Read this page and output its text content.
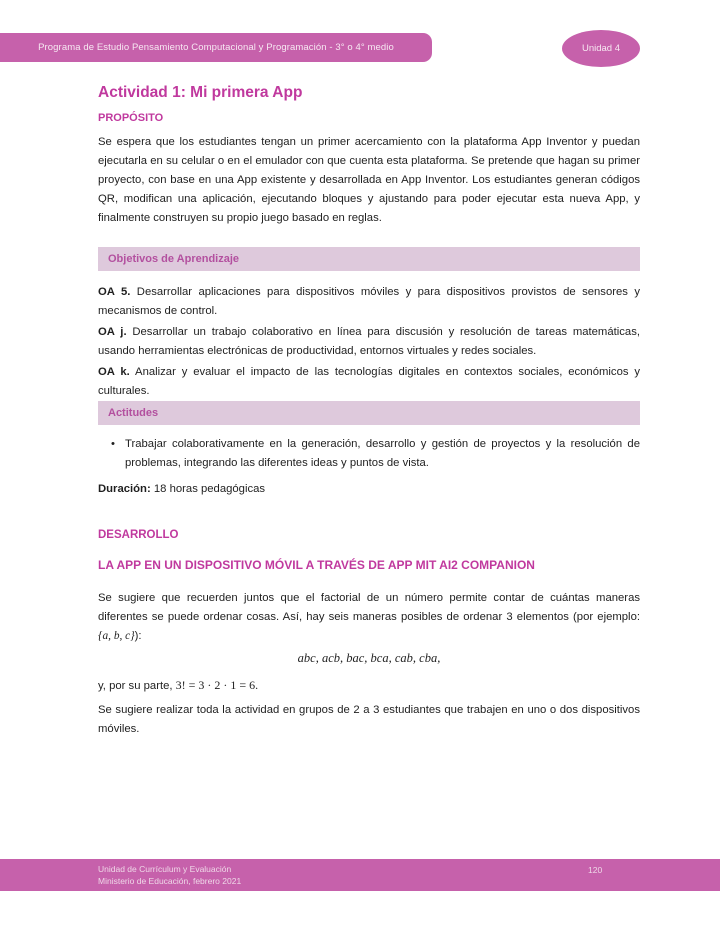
Programa de Estudio Pensamiento Computacional y Programación - 3° o 4° medio	Unidad 4
Actividad 1: Mi primera App
PROPÓSITO
Se espera que los estudiantes tengan un primer acercamiento con la plataforma App Inventor y puedan ejecutarla en su celular o en el emulador con que cuenta esta plataforma. Se pretende que hagan su primer proyecto, con base en una App existente y desarrollada en App Inventor. Los estudiantes generan códigos QR, modifican una aplicación, ejecutando bloques y ajustando para poder ejecutar esta nueva App, y finalmente construyen su propio juego basado en reglas.
Objetivos de Aprendizaje
OA 5. Desarrollar aplicaciones para dispositivos móviles y para dispositivos provistos de sensores y mecanismos de control.
OA j. Desarrollar un trabajo colaborativo en línea para discusión y resolución de tareas matemáticas, usando herramientas electrónicas de productividad, entornos virtuales y redes sociales.
OA k. Analizar y evaluar el impacto de las tecnologías digitales en contextos sociales, económicos y culturales.
Actitudes
• Trabajar colaborativamente en la generación, desarrollo y gestión de proyectos y la resolución de problemas, integrando las diferentes ideas y puntos de vista.
Duración: 18 horas pedagógicas
DESARROLLO
LA APP EN UN DISPOSITIVO MÓVIL A TRAVÉS DE APP MIT AI2 COMPANION
Se sugiere que recuerden juntos que el factorial de un número permite contar de cuántas maneras diferentes se puede ordenar cosas. Así, hay seis maneras posibles de ordenar 3 elementos (por ejemplo: {a, b, c}):
abc, acb, bac, bca, cab, cba,
y, por su parte, 3! = 3 · 2 · 1 = 6.
Se sugiere realizar toda la actividad en grupos de 2 a 3 estudiantes que trabajen en uno o dos dispositivos móviles.
Unidad de Currículum y Evaluación
Ministerio de Educación, febrero 2021
120
